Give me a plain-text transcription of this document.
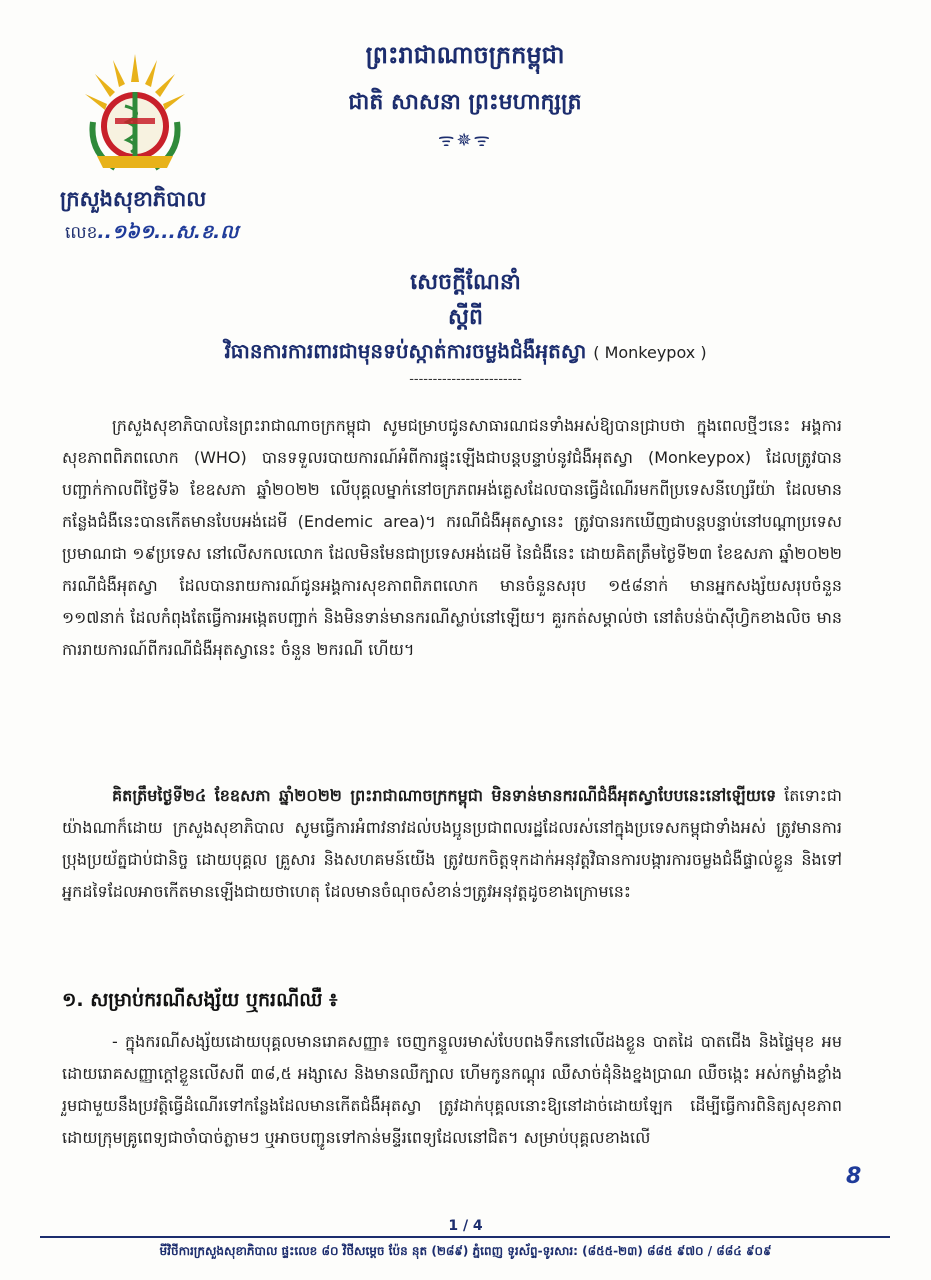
ព្រះរាជាណាចក្រកម្ពុជា
ជាតិ សាសនា ព្រះមហាក្សត្រ
ᯤ✵ᯤ
ក្រសួងសុខាភិបាល
លេខ..១៦១...ស.ខ.ល
សេចក្តីណែនាំ
ស្តីពី
វិធានការការពារជាមុនទប់ស្កាត់ការចម្លងជំងឺអុតស្វា ( Monkeypox )
------------------------
ក្រសួងសុខាភិបាលនៃព្រះរាជាណាចក្រកម្ពុជា សូមជម្រាបជូនសាធារណជនទាំងអស់ឱ្យបានជ្រាបថា ក្នុងពេលថ្មីៗនេះ អង្គការសុខភាពពិភពលោក (WHO) បានទទួលរបាយការណ៍អំពីការផ្ទុះឡើងជាបន្តបន្ទាប់នូវជំងឺអុតស្វា (Monkeypox) ដែលត្រូវបានបញ្ជាក់កាលពីថ្ងៃទី៦ ខែឧសភា ឆ្នាំ២០២២ លើបុគ្គលម្នាក់នៅចក្រភពអង់គ្លេសដែលបានធ្វើដំណើរមកពីប្រទេសនីហ្សេរីយ៉ា ដែលមានកន្លែងជំងឺនេះបានកើតមានបែបអង់ដេមី (Endemic area)។ ករណីជំងឺអុតស្វានេះ ត្រូវបានរកឃើញជាបន្តបន្ទាប់នៅបណ្តាប្រទេសប្រមាណជា ១៩ប្រទេស នៅលើសកលលោក ដែលមិនមែនជាប្រទេសអង់ដេមី នៃជំងឺនេះ ដោយគិតត្រឹមថ្ងៃទី២៣ ខែឧសភា ឆ្នាំ២០២២ ករណីជំងឺអុតស្វា ដែលបានរាយការណ៍ជូនអង្គការសុខភាពពិភពលោក មានចំនួនសរុប ១៥៨នាក់ មានអ្នកសង្ស័យសរុបចំនួន ១១៧នាក់ ដែលកំពុងតែធ្វើការអង្កេតបញ្ជាក់ និងមិនទាន់មានករណីស្លាប់នៅឡើយ។ គួរកត់សម្គាល់ថា នៅតំបន់ប៉ាស៊ីហ្វិកខាងលិច មានការរាយការណ៍ពីករណីជំងឺអុតស្វានេះ ចំនួន ២ករណី ហើយ។
គិតត្រឹមថ្ងៃទី២៤ ខែឧសភា ឆ្នាំ២០២២ ព្រះរាជាណាចក្រកម្ពុជា មិនទាន់មានករណីជំងឺអុតស្វាបែបនេះនៅឡើយទេ តែទោះជាយ៉ាងណាក៏ដោយ ក្រសួងសុខាភិបាល សូមធ្វើការអំពាវនាវដល់បងប្អូនប្រជាពលរដ្ឋដែលរស់នៅក្នុងប្រទេសកម្ពុជាទាំងអស់ ត្រូវមានការប្រុងប្រយ័ត្នជាប់ជានិច្ច ដោយបុគ្គល គ្រួសារ និងសហគមន៍យើង ត្រូវយកចិត្តទុកដាក់អនុវត្តវិធានការបង្ការការចម្លងជំងឺផ្ទាល់ខ្លួន និងទៅអ្នកដទៃដែលអាចកើតមានឡើងជាយថាហេតុ ដែលមានចំណុចសំខាន់ៗត្រូវអនុវត្តដូចខាងក្រោមនេះ
១. សម្រាប់ករណីសង្ស័យ ឬករណីឈឺ ៖
- ក្នុងករណីសង្ស័យដោយបុគ្គលមានរោគសញ្ញា៖ ចេញកន្ទួលរមាស់បែបពងទឹកនៅលើដងខ្លួន បាតដៃ បាតជើង និងផ្ទៃមុខ អមដោយរោគសញ្ញាក្តៅខ្លួនលើសពី ៣៨,៥ អង្សាសេ និងមានឈឺក្បាល ហើមកូនកណ្តុរ ឈឺសាច់ដុំនិងខ្នងប្រាណ ឈឺចង្កេះ អស់កម្លាំងខ្លាំង រួមជាមួយនឹងប្រវត្តិធ្វើដំណើរទៅកន្លែងដែលមានកើតជំងឺអុតស្វា ត្រូវដាក់បុគ្គលនោះឱ្យនៅដាច់ដោយឡែក ដើម្បីធ្វើការពិនិត្យសុខភាពដោយក្រុមគ្រូពេទ្យជាចាំបាច់ភ្លាមៗ ឬអាចបញ្ជូនទៅកាន់មន្ទីរពេទ្យដែលនៅជិត។ សម្រាប់បុគ្គលខាងលើ
8
1 / 4
មីវិថីការក្រសួងសុខាភិបាល ផ្ទះលេខ ៨០ វិថីសម្ដេច ប៉ែន នុត (២៨៩) ភ្នំពេញ ទូរស័ព្ទ-ទូរសារ: (៨៥៥-២៣) ៨៨៥ ៩៧០ / ៨៨៤ ៩០៩
